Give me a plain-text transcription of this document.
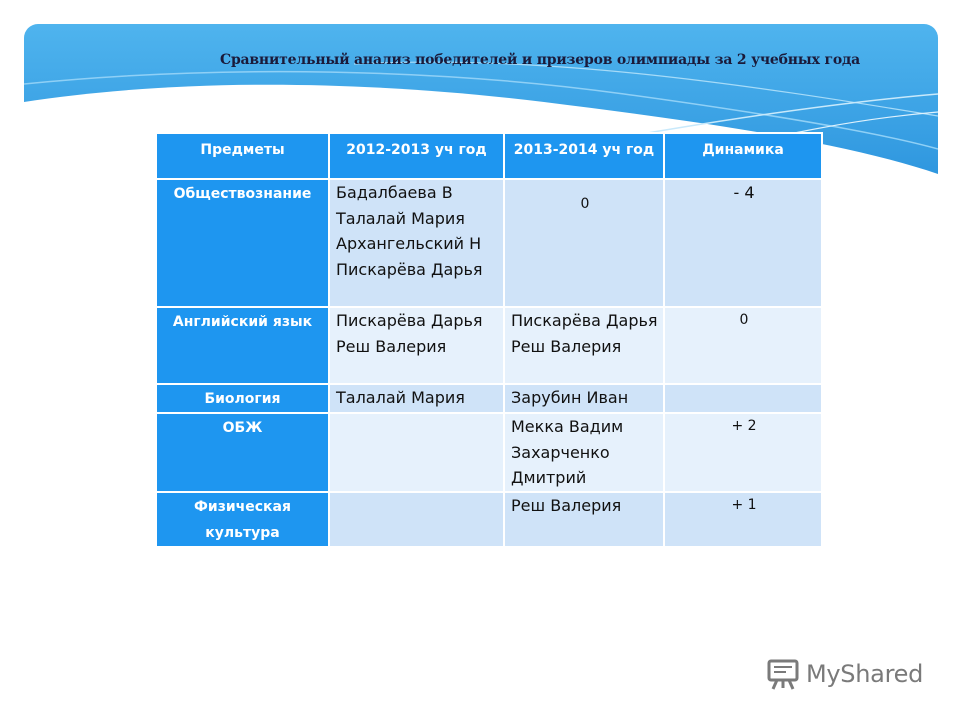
Сравнительный анализ победителей и призеров олимпиады за 2 учебных года
Предметы	2012-2013 уч год	2013-2014 уч год	Динамика
Обществознание	Бадалбаева В Талалай Мария Архангельский Н Пискарёва Дарья	0	- 4
Английский язык	Пискарёва Дарья Реш Валерия	Пискарёва Дарья Реш Валерия	0
Биология	Талалай Мария	Зарубин Иван	
ОБЖ		Мекка Вадим Захарченко Дмитрий	+ 2
Физическая культура		Реш Валерия	+ 1
MyShared
